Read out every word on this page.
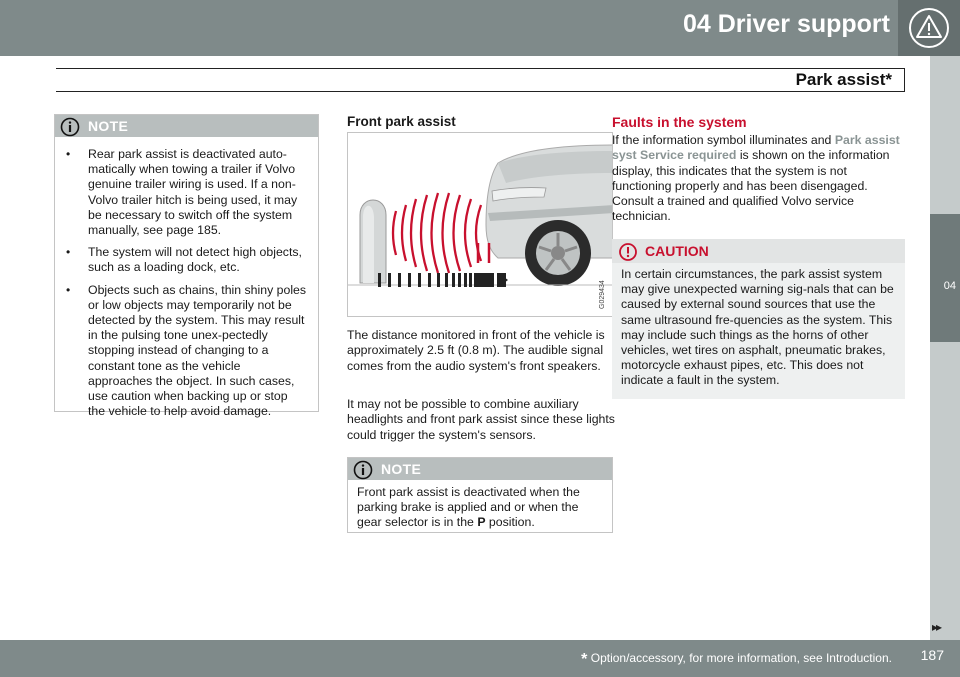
04 Driver support
Park assist*
04
NOTE
• Rear park assist is deactivated auto-matically when towing a trailer if Volvo genuine trailer wiring is used. If a non-Volvo trailer hitch is being used, it may be necessary to switch off the system manually, see page 185.
• The system will not detect high objects, such as a loading dock, etc.
• Objects such as chains, thin shiny poles or low objects may temporarily not be detected by the system. This may result in the pulsing tone unex-pectedly stopping instead of changing to a constant tone as the vehicle approaches the object. In such cases, use caution when backing up or stop the vehicle to help avoid damage.
Front park assist
G029434
The distance monitored in front of the vehicle is approximately 2.5 ft (0.8 m). The audible signal comes from the audio system's front speakers.
It may not be possible to combine auxiliary headlights and front park assist since these lights could trigger the system's sensors.
NOTE
Front park assist is deactivated when the parking brake is applied and or when the gear selector is in the P position.
Faults in the system
If the information symbol illuminates and Park assist syst Service required is shown on the information display, this indicates that the system is not functioning properly and has been disengaged. Consult a trained and qualified Volvo service technician.
CAUTION
In certain circumstances, the park assist system may give unexpected warning sig-nals that can be caused by external sound sources that use the same ultrasound fre-quencies as the system. This may include such things as the horns of other vehicles, wet tires on asphalt, pneumatic brakes, motorcycle exhaust pipes, etc. This does not indicate a fault in the system.
▸▸
* Option/accessory, for more information, see Introduction. 187
